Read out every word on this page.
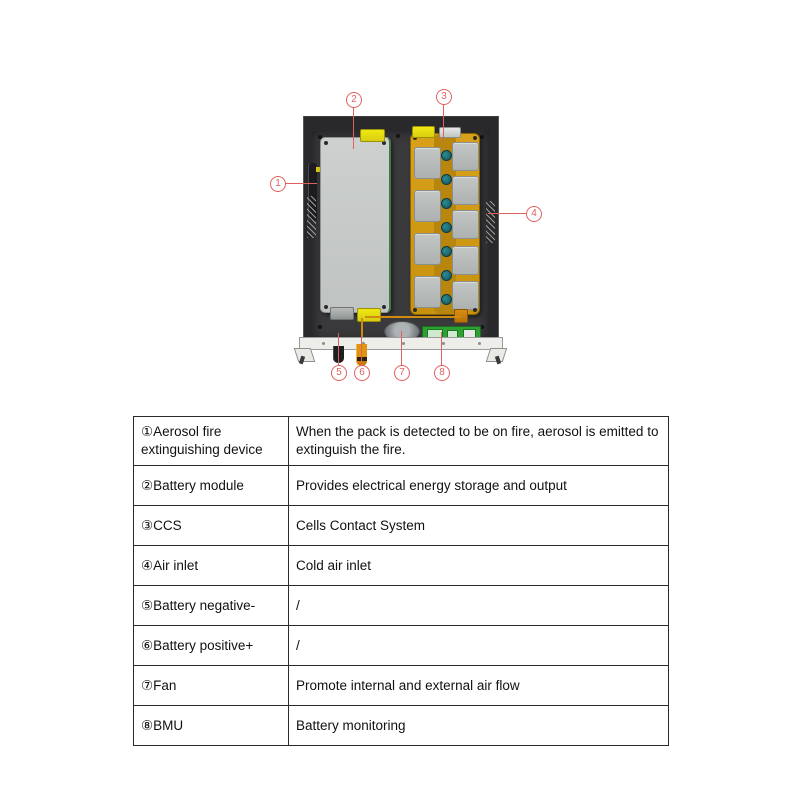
1
2	3
4
5	6	7	8
①Aerosol fire extinguishing device	When the pack is detected to be on fire, aerosol is emitted to extinguish the fire.
②Battery module	Provides electrical energy storage and output
③CCS	Cells Contact System
④Air inlet	Cold air inlet
⑤Battery negative-	/
⑥Battery positive+	/
⑦Fan	Promote internal and external air flow
⑧BMU	Battery monitoring
